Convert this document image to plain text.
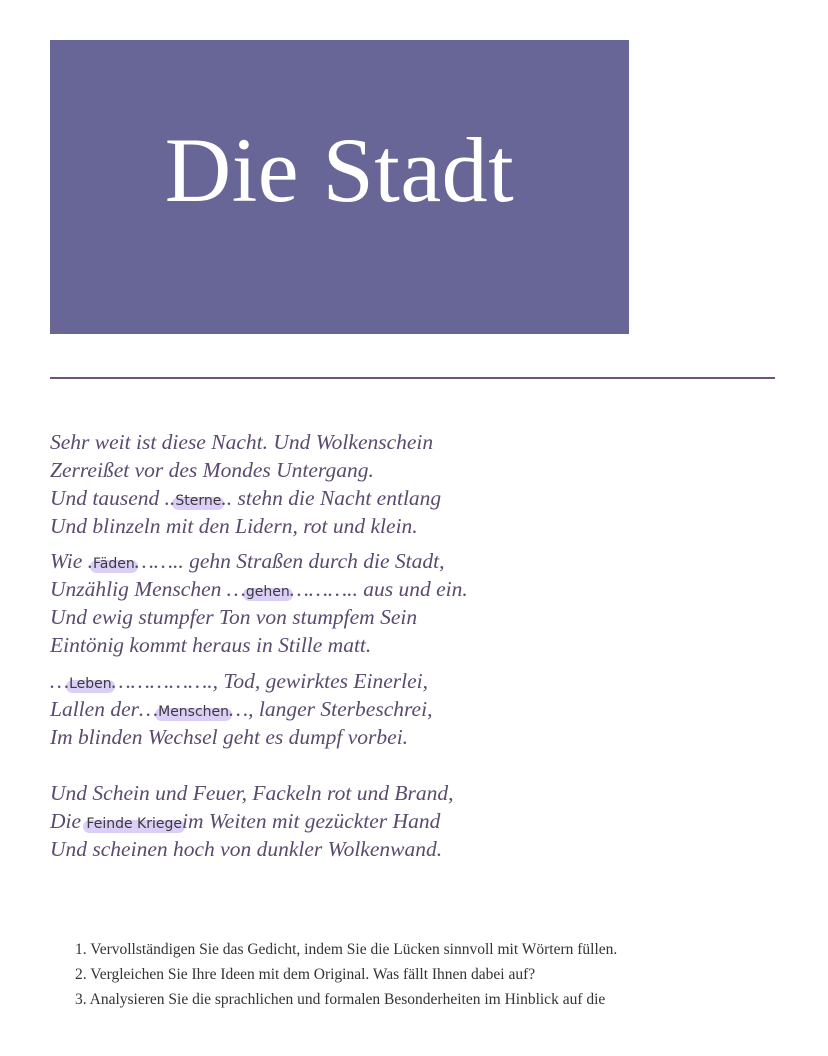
Die Stadt
Sehr weit ist diese Nacht. Und Wolkenschein
Zerreißet vor des Mondes Untergang.
Und tausend ..Sterne.. stehn die Nacht entlang
Und blinzeln mit den Lidern, rot und klein.
Wie .Fäden…….. gehn Straßen durch die Stadt,
Unzählig Menschen …gehen……….. aus und ein.
Und ewig stumpfer Ton von stumpfem Sein
Eintönig kommt heraus in Stille matt.
…Leben……………., Tod, gewirktes Einerlei,
Lallen der…Menschen…, langer Sterbeschrei,
Im blinden Wechsel geht es dumpf vorbei.
Und Schein und Feuer, Fackeln rot und Brand,
Die Feinde Kriegeim Weiten mit gezückter Hand
Und scheinen hoch von dunkler Wolkenwand.
1. Vervollständigen Sie das Gedicht, indem Sie die Lücken sinnvoll mit Wörtern füllen.
2. Vergleichen Sie Ihre Ideen mit dem Original. Was fällt Ihnen dabei auf?
3. Analysieren Sie die sprachlichen und formalen Besonderheiten im Hinblick auf die
